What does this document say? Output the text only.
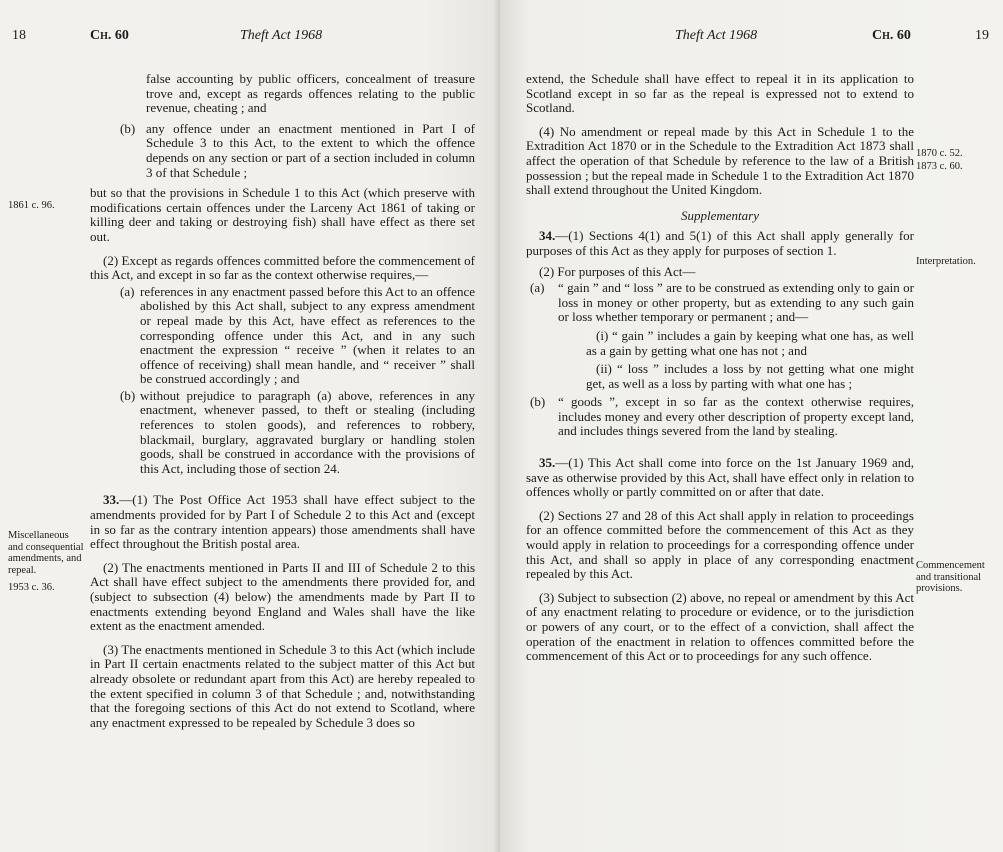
18	Ch. 60	Theft Act 1968

false accounting by public officers, concealment of treasure trove and, except as regards offences relating to the public revenue, cheating ; and

(b) any offence under an enactment mentioned in Part I of Schedule 3 to this Act, to the extent to which the offence depends on any section or part of a section included in column 3 of that Schedule ;

but so that the provisions in Schedule 1 to this Act (which preserve with modifications certain offences under the Larceny Act 1861 of taking or killing deer and taking or destroying fish) shall have effect as there set out.

(2) Except as regards offences committed before the commencement of this Act, and except in so far as the context otherwise requires,—

(a) references in any enactment passed before this Act to an offence abolished by this Act shall, subject to any express amendment or repeal made by this Act, have effect as references to the corresponding offence under this Act, and in any such enactment the expression “ receive ” (when it relates to an offence of receiving) shall mean handle, and “ receiver ” shall be construed accordingly ; and

(b) without prejudice to paragraph (a) above, references in any enactment, whenever passed, to theft or stealing (including references to stolen goods), and references to robbery, blackmail, burglary, aggravated burglary or handling stolen goods, shall be construed in accordance with the provisions of this Act, including those of section 24.

33.—(1) The Post Office Act 1953 shall have effect subject to the amendments provided for by Part I of Schedule 2 to this Act and (except in so far as the contrary intention appears) those amendments shall have effect throughout the British postal area.

(2) The enactments mentioned in Parts II and III of Schedule 2 to this Act shall have effect subject to the amendments there provided for, and (subject to subsection (4) below) the amendments made by Part II to enactments extending beyond England and Wales shall have the like extent as the enactment amended.

(3) The enactments mentioned in Schedule 3 to this Act (which include in Part II certain enactments related to the subject matter of this Act but already obsolete or redundant apart from this Act) are hereby repealed to the extent specified in column 3 of that Schedule ; and, notwithstanding that the foregoing sections of this Act do not extend to Scotland, where any enactment expressed to be repealed by Schedule 3 does so

1861 c. 96.
Miscellaneous and consequential amendments, and repeal.
1953 c. 36.
Theft Act 1968	Ch. 60	19

extend, the Schedule shall have effect to repeal it in its application to Scotland except in so far as the repeal is expressed not to extend to Scotland.

(4) No amendment or repeal made by this Act in Schedule 1 to the Extradition Act 1870 or in the Schedule to the Extradition Act 1873 shall affect the operation of that Schedule by reference to the law of a British possession ; but the repeal made in Schedule 1 to the Extradition Act 1870 shall extend throughout the United Kingdom.

Supplementary

34.—(1) Sections 4(1) and 5(1) of this Act shall apply generally for purposes of this Act as they apply for purposes of section 1.

(2) For purposes of this Act—

(a) “ gain ” and “ loss ” are to be construed as extending only to gain or loss in money or other property, but as extending to any such gain or loss whether temporary or permanent ; and—

(i) “ gain ” includes a gain by keeping what one has, as well as a gain by getting what one has not ; and

(ii) “ loss ” includes a loss by not getting what one might get, as well as a loss by parting with what one has ;

(b) “ goods ”, except in so far as the context otherwise requires, includes money and every other description of property except land, and includes things severed from the land by stealing.

35.—(1) This Act shall come into force on the 1st January 1969 and, save as otherwise provided by this Act, shall have effect only in relation to offences wholly or partly committed on or after that date.

(2) Sections 27 and 28 of this Act shall apply in relation to proceedings for an offence committed before the commencement of this Act as they would apply in relation to proceedings for a corresponding offence under this Act, and shall so apply in place of any corresponding enactment repealed by this Act.

(3) Subject to subsection (2) above, no repeal or amendment by this Act of any enactment relating to procedure or evidence, or to the jurisdiction or powers of any court, or to the effect of a conviction, shall affect the operation of the enactment in relation to offences committed before the commencement of this Act or to proceedings for any such offence.

1870 c. 52.
1873 c. 60.
Interpretation.
Commencement and transitional provisions.
